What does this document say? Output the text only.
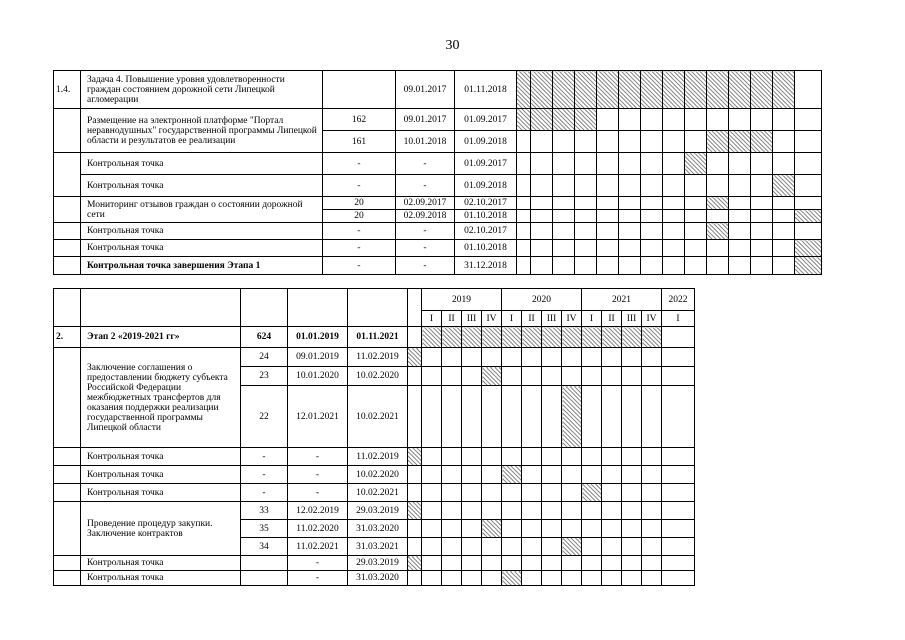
30
1.4.	Задача 4. Повышение уровня удовлетворенности граждан состоянием дорожной сети Липецкой агломерации		09.01.2017	01.11.2018														
	Размещение на электронной платформе "Портал неравнодушных" государственной программы Липецкой области и результатов ее реализации	162	09.01.2017	01.09.2017														
		161	10.01.2018	01.09.2018														
	Контрольная точка	-	-	01.09.2017														
	Контрольная точка	-	-	01.09.2018														
	Мониторинг отзывов граждан о состоянии дорожной сети	20	02.09.2017	02.10.2017														
		20	02.09.2018	01.10.2018														
	Контрольная точка	-	-	02.10.2017														
	Контрольная точка	-	-	01.10.2018														
	Контрольная точка завершения Этапа 1	-	-	31.12.2018														
						2019				2020				2021				2022
						I	II	III	IV	I	II	III	IV	I	II	III	IV	I
2.	Этап 2 «2019-2021 гг»	624	01.01.2019	01.11.2021														
	Заключение соглашения о предоставлении бюджету субъекта Российской Федерации межбюджетных трансфертов для оказания поддержки реализации государственной программы Липецкой области	24	09.01.2019	11.02.2019														
		23	10.01.2020	10.02.2020														
		22	12.01.2021	10.02.2021														
	Контрольная точка	-	-	11.02.2019														
	Контрольная точка	-	-	10.02.2020														
	Контрольная точка	-	-	10.02.2021														
	Проведение процедур закупки. Заключение контрактов	33	12.02.2019	29.03.2019														
		35	11.02.2020	31.03.2020														
		34	11.02.2021	31.03.2021														
	Контрольная точка		-	29.03.2019														
	Контрольная точка		-	31.03.2020														
